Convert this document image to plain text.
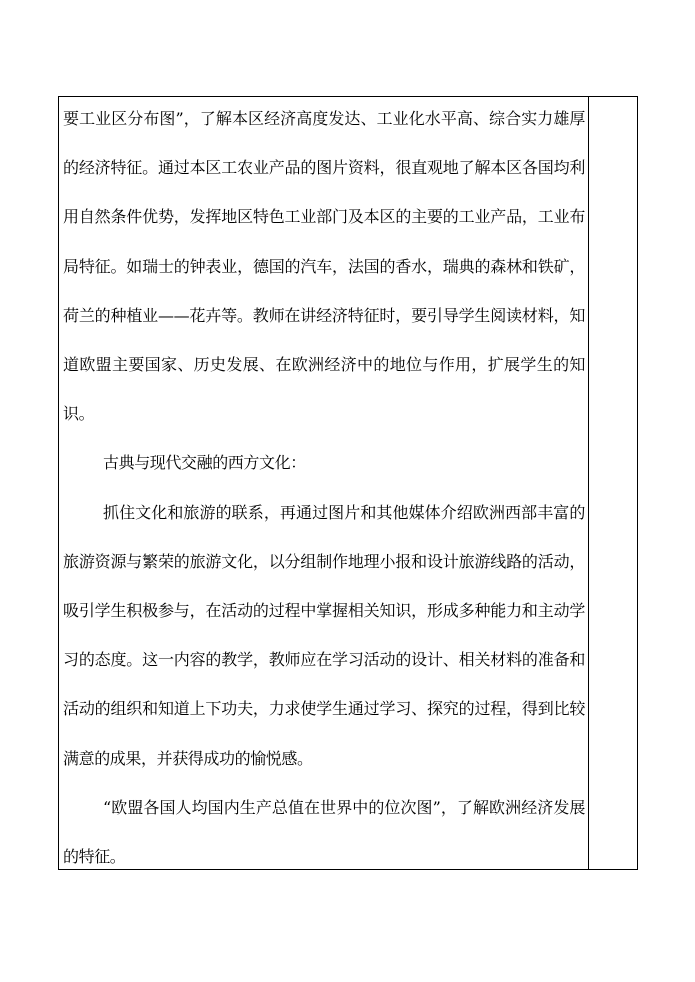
要工业区分布图”，了解本区经济高度发达、工业化水平高、综合实力雄厚的经济特征。通过本区工农业产品的图片资料，很直观地了解本区各国均利用自然条件优势，发挥地区特色工业部门及本区的主要的工业产品，工业布局特征。如瑞士的钟表业，德国的汽车，法国的香水，瑞典的森林和铁矿，荷兰的种植业——花卉等。教师在讲经济特征时，要引导学生阅读材料，知道欧盟主要国家、历史发展、在欧洲经济中的地位与作用，扩展学生的知识。

古典与现代交融的西方文化：

抓住文化和旅游的联系，再通过图片和其他媒体介绍欧洲西部丰富的旅游资源与繁荣的旅游文化，以分组制作地理小报和设计旅游线路的活动，吸引学生积极参与，在活动的过程中掌握相关知识，形成多种能力和主动学习的态度。这一内容的教学，教师应在学习活动的设计、相关材料的准备和活动的组织和知道上下功夫，力求使学生通过学习、探究的过程，得到比较满意的成果，并获得成功的愉悦感。

“欧盟各国人均国内生产总值在世界中的位次图”，了解欧洲经济发展的特征。
